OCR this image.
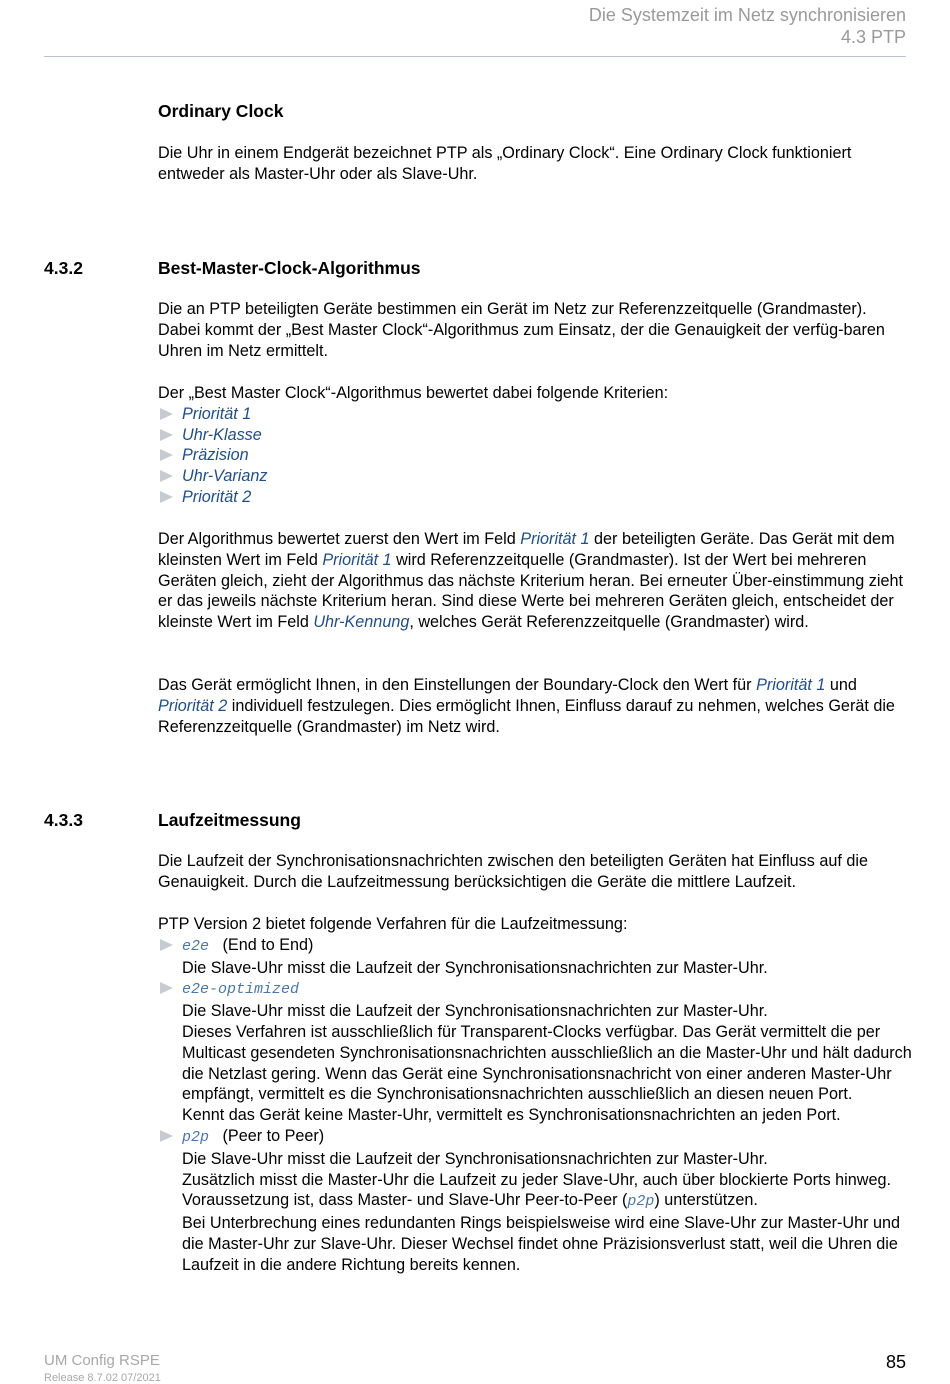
Die Systemzeit im Netz synchronisieren
4.3 PTP
Ordinary Clock

Die Uhr in einem Endgerät bezeichnet PTP als „Ordinary Clock“. Eine Ordinary Clock funktioniert entweder als Master-Uhr oder als Slave-Uhr.

4.3.2	Best-Master-Clock-Algorithmus

Die an PTP beteiligten Geräte bestimmen ein Gerät im Netz zur Referenzzeitquelle (Grandmaster). Dabei kommt der „Best Master Clock“-Algorithmus zum Einsatz, der die Genauigkeit der verfüg-baren Uhren im Netz ermittelt.

Der „Best Master Clock“-Algorithmus bewertet dabei folgende Kriterien:
Priorität 1
Uhr-Klasse
Präzision
Uhr-Varianz
Priorität 2

Der Algorithmus bewertet zuerst den Wert im Feld Priorität 1 der beteiligten Geräte. Das Gerät mit dem kleinsten Wert im Feld Priorität 1 wird Referenzzeitquelle (Grandmaster). Ist der Wert bei mehreren Geräten gleich, zieht der Algorithmus das nächste Kriterium heran. Bei erneuter Über-einstimmung zieht er das jeweils nächste Kriterium heran. Sind diese Werte bei mehreren Geräten gleich, entscheidet der kleinste Wert im Feld Uhr-Kennung, welches Gerät Referenzzeitquelle (Grandmaster) wird.

Das Gerät ermöglicht Ihnen, in den Einstellungen der Boundary-Clock den Wert für Priorität 1 und Priorität 2 individuell festzulegen. Dies ermöglicht Ihnen, Einfluss darauf zu nehmen, welches Gerät die Referenzzeitquelle (Grandmaster) im Netz wird.

4.3.3	Laufzeitmessung

Die Laufzeit der Synchronisationsnachrichten zwischen den beteiligten Geräten hat Einfluss auf die Genauigkeit. Durch die Laufzeitmessung berücksichtigen die Geräte die mittlere Laufzeit.

PTP Version 2 bietet folgende Verfahren für die Laufzeitmessung:
e2e (End to End)
Die Slave-Uhr misst die Laufzeit der Synchronisationsnachrichten zur Master-Uhr.
e2e-optimized
Die Slave-Uhr misst die Laufzeit der Synchronisationsnachrichten zur Master-Uhr.
Dieses Verfahren ist ausschließlich für Transparent-Clocks verfügbar. Das Gerät vermittelt die per Multicast gesendeten Synchronisationsnachrichten ausschließlich an die Master-Uhr und hält dadurch die Netzlast gering. Wenn das Gerät eine Synchronisationsnachricht von einer anderen Master-Uhr empfängt, vermittelt es die Synchronisationsnachrichten ausschließlich an diesen neuen Port.
Kennt das Gerät keine Master-Uhr, vermittelt es Synchronisationsnachrichten an jeden Port.
p2p (Peer to Peer)
Die Slave-Uhr misst die Laufzeit der Synchronisationsnachrichten zur Master-Uhr.
Zusätzlich misst die Master-Uhr die Laufzeit zu jeder Slave-Uhr, auch über blockierte Ports hinweg. Voraussetzung ist, dass Master- und Slave-Uhr Peer-to-Peer (p2p) unterstützen.
Bei Unterbrechung eines redundanten Rings beispielsweise wird eine Slave-Uhr zur Master-Uhr und die Master-Uhr zur Slave-Uhr. Dieser Wechsel findet ohne Präzisionsverlust statt, weil die Uhren die Laufzeit in die andere Richtung bereits kennen.
UM Config RSPE
Release 8.7.02 07/2021
85
